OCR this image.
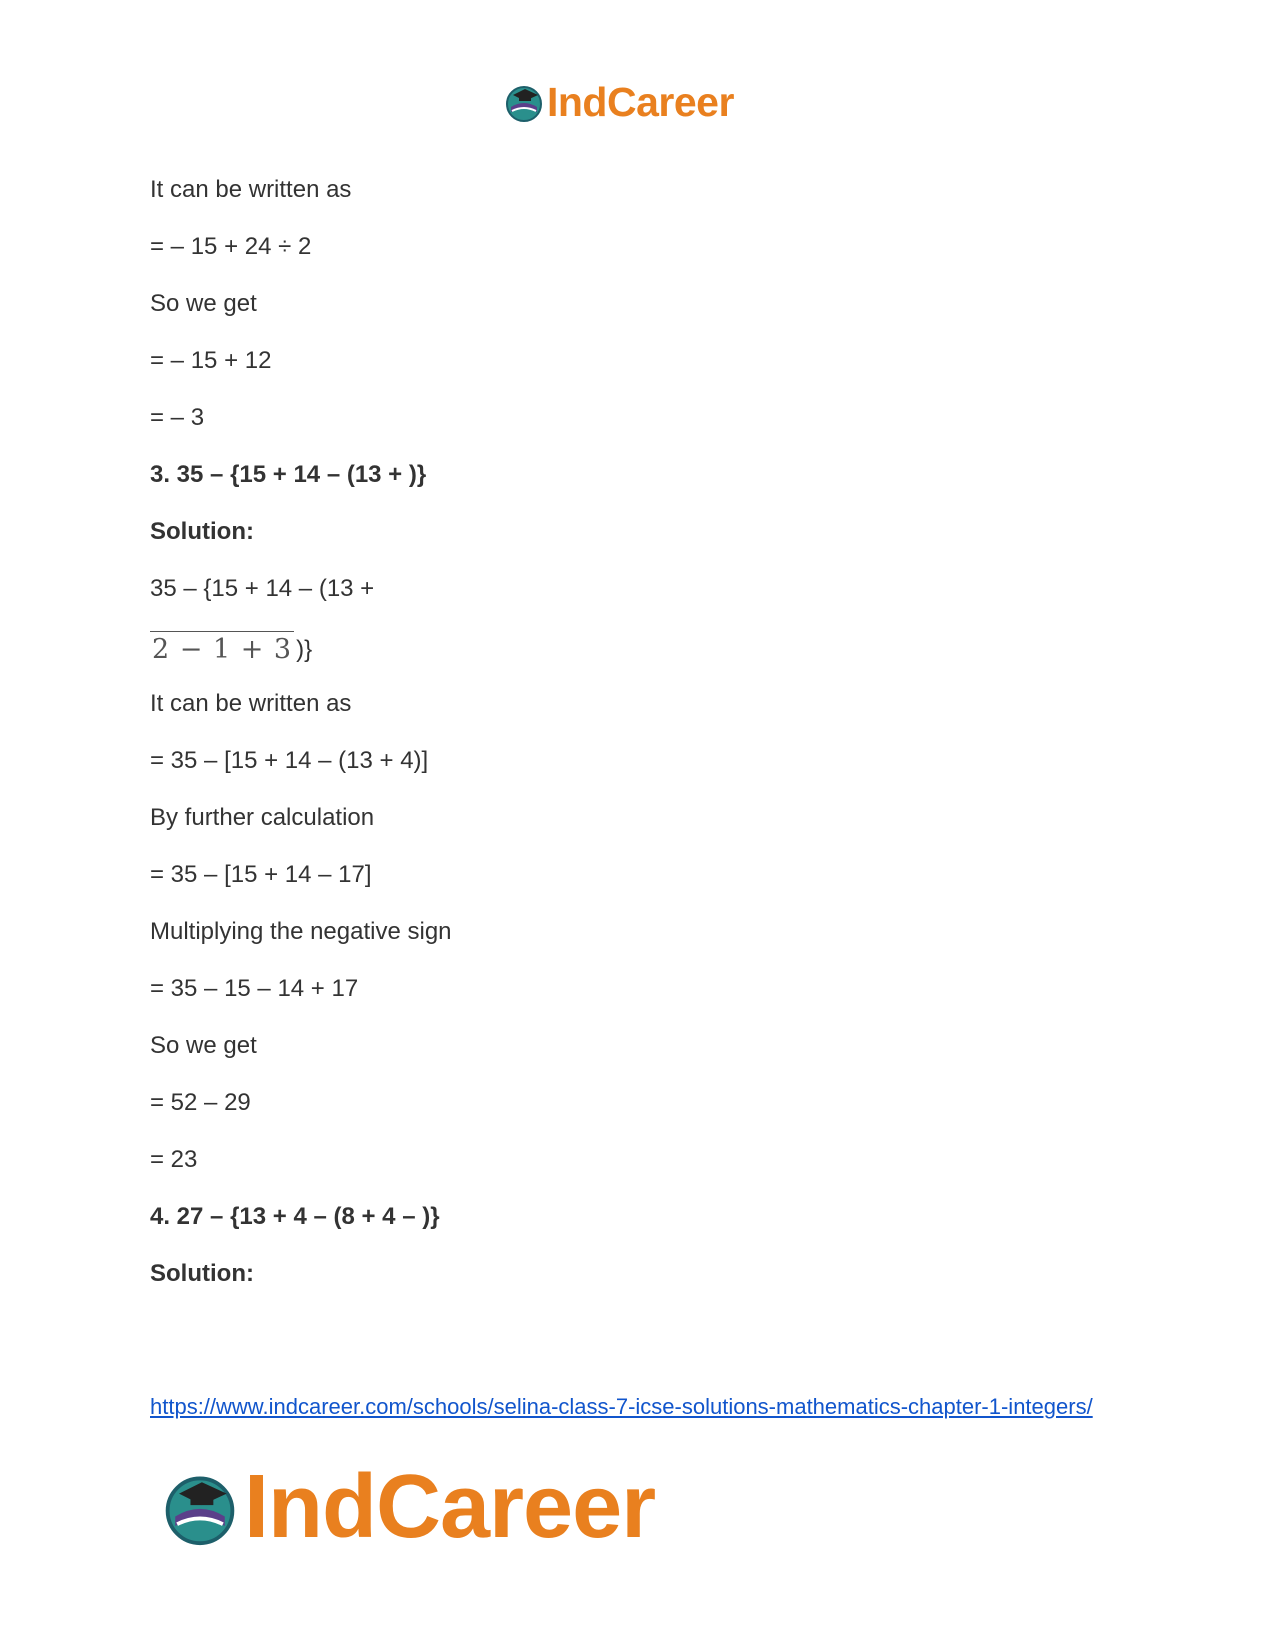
IndCareer

It can be written as

= – 15 + 24 ÷ 2

So we get

= – 15 + 12

= – 3

3. 35 – {15 + 14 – (13 + )}

Solution:

35 – {15 + 14 – (13 +

2 − 1 + 3 )}

It can be written as

= 35 – [15 + 14 – (13 + 4)]

By further calculation

= 35 – [15 + 14 – 17]

Multiplying the negative sign

= 35 – 15 – 14 + 17

So we get

= 52 – 29

= 23

4. 27 – {13 + 4 – (8 + 4 – )}

Solution:

https://www.indcareer.com/schools/selina-class-7-icse-solutions-mathematics-chapter-1-integers/
IndCareer
